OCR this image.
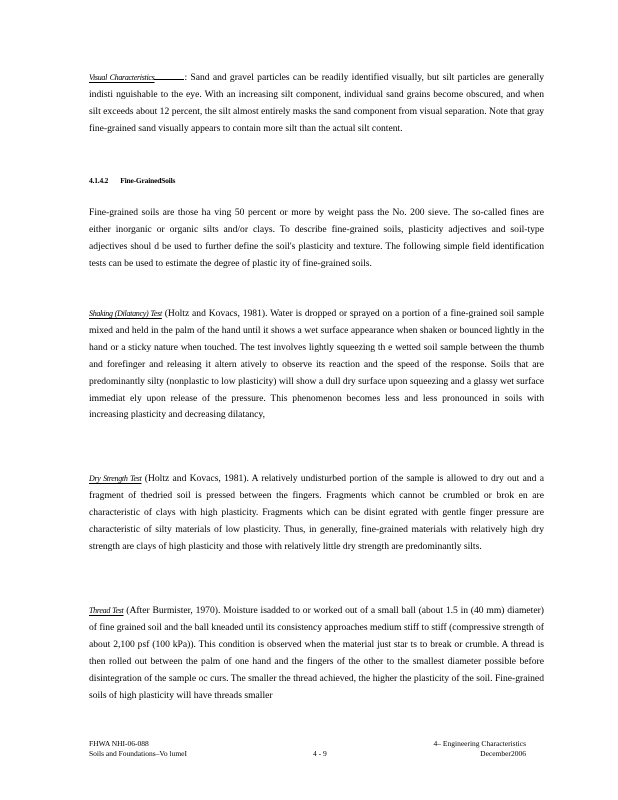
Visual Characteristics	: Sand and gravel particles can be readily identified visually, but silt particles are generally indisti nguishable to the eye. With an increasing silt component, individual sand grains become obscured, and when silt exceeds about 12 percent, the silt almost entirely masks the sand component from visual separation. Note that gray fine-grained sand visually appears to contain more silt than the actual silt content.

4.1.4.2 Fine-GrainedSoils

Fine-grained soils are those ha ving 50 percent or more by weight pass the No. 200 sieve. The so-called fines are either inorganic or organic silts and/or clays. To describe fine-grained soils, plasticity adjectives and soil-type adjectives shoul d be used to further define the soil's plasticity and texture. The following simple field identification tests can be used to estimate the degree of plastic ity of fine-grained soils.

Shaking (Dilatancy) Test (Holtz and Kovacs, 1981). Water is dropped or sprayed on a portion of a fine-grained soil sample mixed and held in the palm of the hand until it shows a wet surface appearance when shaken or bounced lightly in the hand or a sticky nature when touched. The test involves lightly squeezing th e wetted soil sample between the thumb and forefinger and releasing it altern atively to observe its reaction and the speed of the response. Soils that are predominantly silty (nonplastic to low plasticity) will show a dull dry surface upon squeezing and a glassy wet surface immediat ely upon release of the pressure. This phenomenon becomes less and less pronounced in soils with increasing plasticity and decreasing dilatancy,

Dry Strength Test (Holtz and Kovacs, 1981). A relatively undisturbed portion of the sample is allowed to dry out and a fragment of thedried soil is pressed between the fingers. Fragments which cannot be crumbled or brok en are characteristic of clays with high plasticity. Fragments which can be disint egrated with gentle finger pressure are characteristic of silty materials of low plasticity. Thus, in generally, fine-grained materials with relatively high dry strength are clays of high plasticity and those with relatively little dry strength are predominantly silts.

Thread Test (After Burmister, 1970). Moisture isadded to or worked out of a small ball (about 1.5 in (40 mm) diameter) of fine grained soil and the ball kneaded until its consistency approaches medium stiff to stiff (compressive strength of about 2,100 psf (100 kPa)). This condition is observed when the material just star ts to break or crumble. A thread is then rolled out between the palm of one hand and the fingers of the other to the smallest diameter possible before disintegration of the sample oc curs. The smaller the thread achieved, the higher the plasticity of the soil. Fine-grained soils of high plasticity will have threads smaller

FHWA NHI-06-088
Soils and Foundations–Vo lumeI	4 - 9
4– Engineering Characteristics
December2006
